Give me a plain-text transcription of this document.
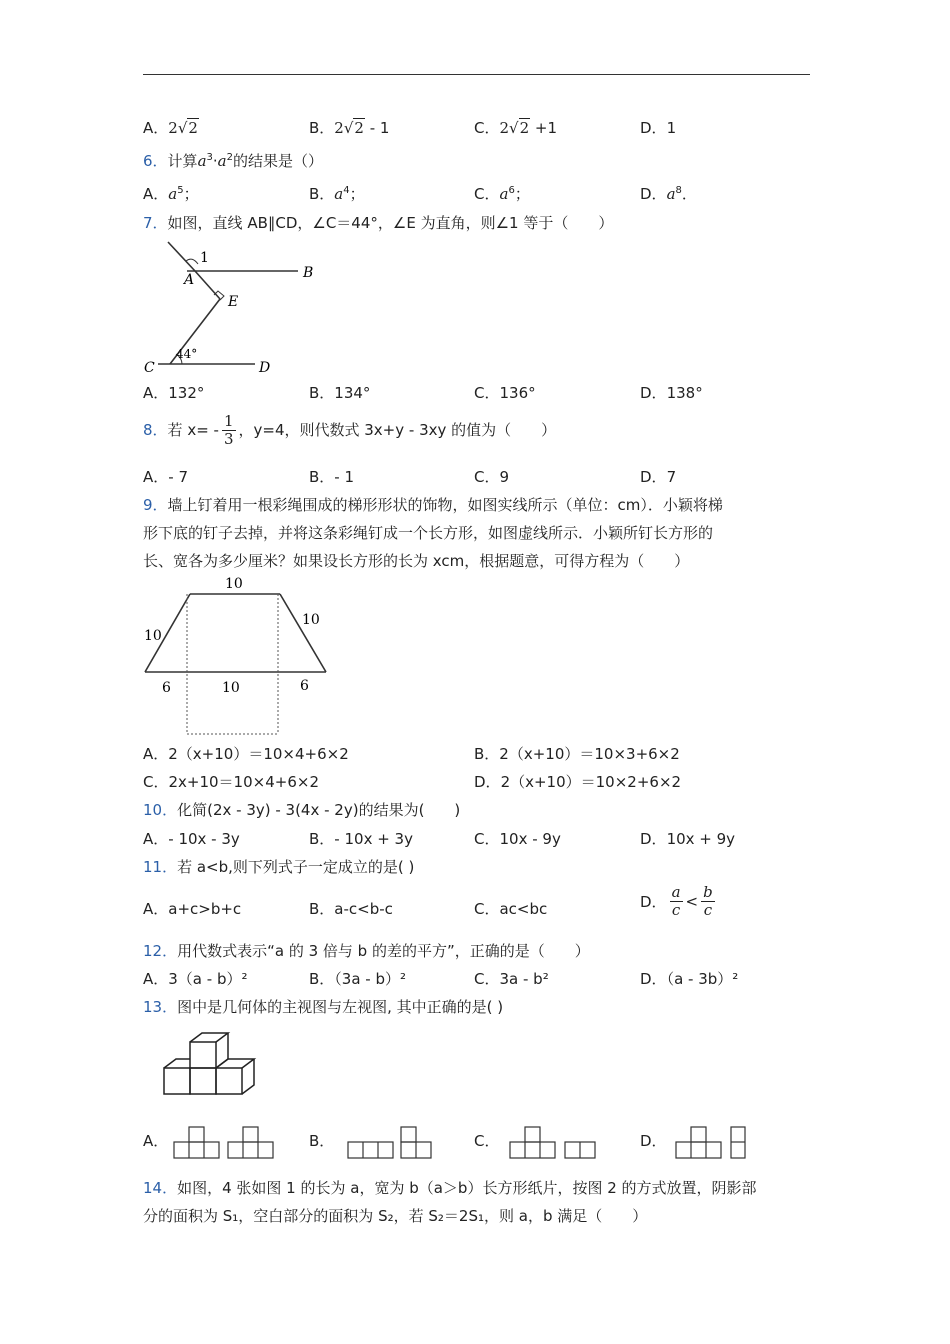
A．2√2	B．2√2 - 1	C．2√2 +1	D．1
6．计算$a^3\cdot a^2$的结果是（）
A．$a^5$；	B．$a^4$；	C．$a^6$；	D．$a^8$．
7．如图，直线 AB∥CD，∠C＝44°，∠E 为直角，则∠1 等于（　　）
1
A	B
E
C	D
44°
A．132°	B．134°	C．136°	D．138°
8．若 $x= - \frac{1}{3}$ ，y=4，则代数式 3x+y - 3xy 的值为（　　）
A．- 7	B．- 1	C．9	D．7
9．墙上钉着用一根彩绳围成的梯形形状的饰物，如图实线所示（单位：cm）．小颖将梯
形下底的钉子去掉，并将这条彩绳钉成一个长方形，如图虚线所示．小颖所钉长方形的
长、宽各为多少厘米？如果设长方形的长为 xcm，根据题意，可得方程为（　　）
10
10
10
6	10	6
A．2（x+10）＝10×4+6×2	B．2（x+10）＝10×3+6×2
C．2x+10＝10×4+6×2	D．2（x+10）＝10×2+6×2
10．化简(2x - 3y) - 3(4x - 2y)的结果为(　　)
A．- 10x - 3y	B．- 10x + 3y	C．10x - 9y	D．10x + 9y
11．若 a<b,则下列式子一定成立的是( )
A．a+c>b+c	B．a-c<b-c	C．ac<bc	D． $\frac{a}{c} < \frac{b}{c}$
12．用代数式表示“a 的 3 倍与 b 的差的平方”，正确的是（　　）
A．3（a - b）²	B．（3a - b）²	C．3a - b²	D．（a - 3b）²
13．图中是几何体的主视图与左视图, 其中正确的是( )
A．	B．	C．	D．
14．如图，4 张如图 1 的长为 a，宽为 b（a＞b）长方形纸片，按图 2 的方式放置，阴影部
分的面积为 S₁，空白部分的面积为 S₂，若 S₂＝2S₁，则 a，b 满足（　　）
